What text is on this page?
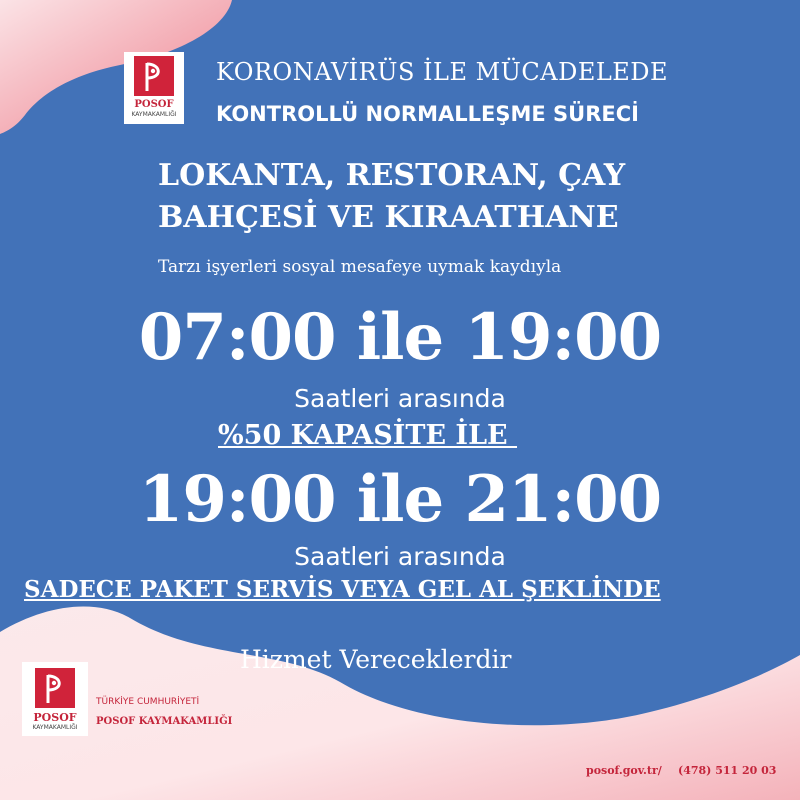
POSOF
KAYMAKAMLIĞI
KORONAVİRÜS İLE MÜCADELEDE
KONTROLLÜ NORMALLEŞME SÜRECİ
LOKANTA, RESTORAN, ÇAY
BAHÇESİ VE KIRAATHANE
Tarzı işyerleri sosyal mesafeye uymak kaydıyla
07:00 ile 19:00
Saatleri arasında
%50 KAPASİTE İLE
19:00 ile 21:00
Saatleri arasında
SADECE PAKET SERVİS VEYA GEL AL ŞEKLİNDE
Hizmet Vereceklerdir
POSOF
KAYMAKAMLIĞI
TÜRKİYE CUMHURİYETİ
POSOF KAYMAKAMLIĞI
posof.gov.tr/ (478) 511 20 03
